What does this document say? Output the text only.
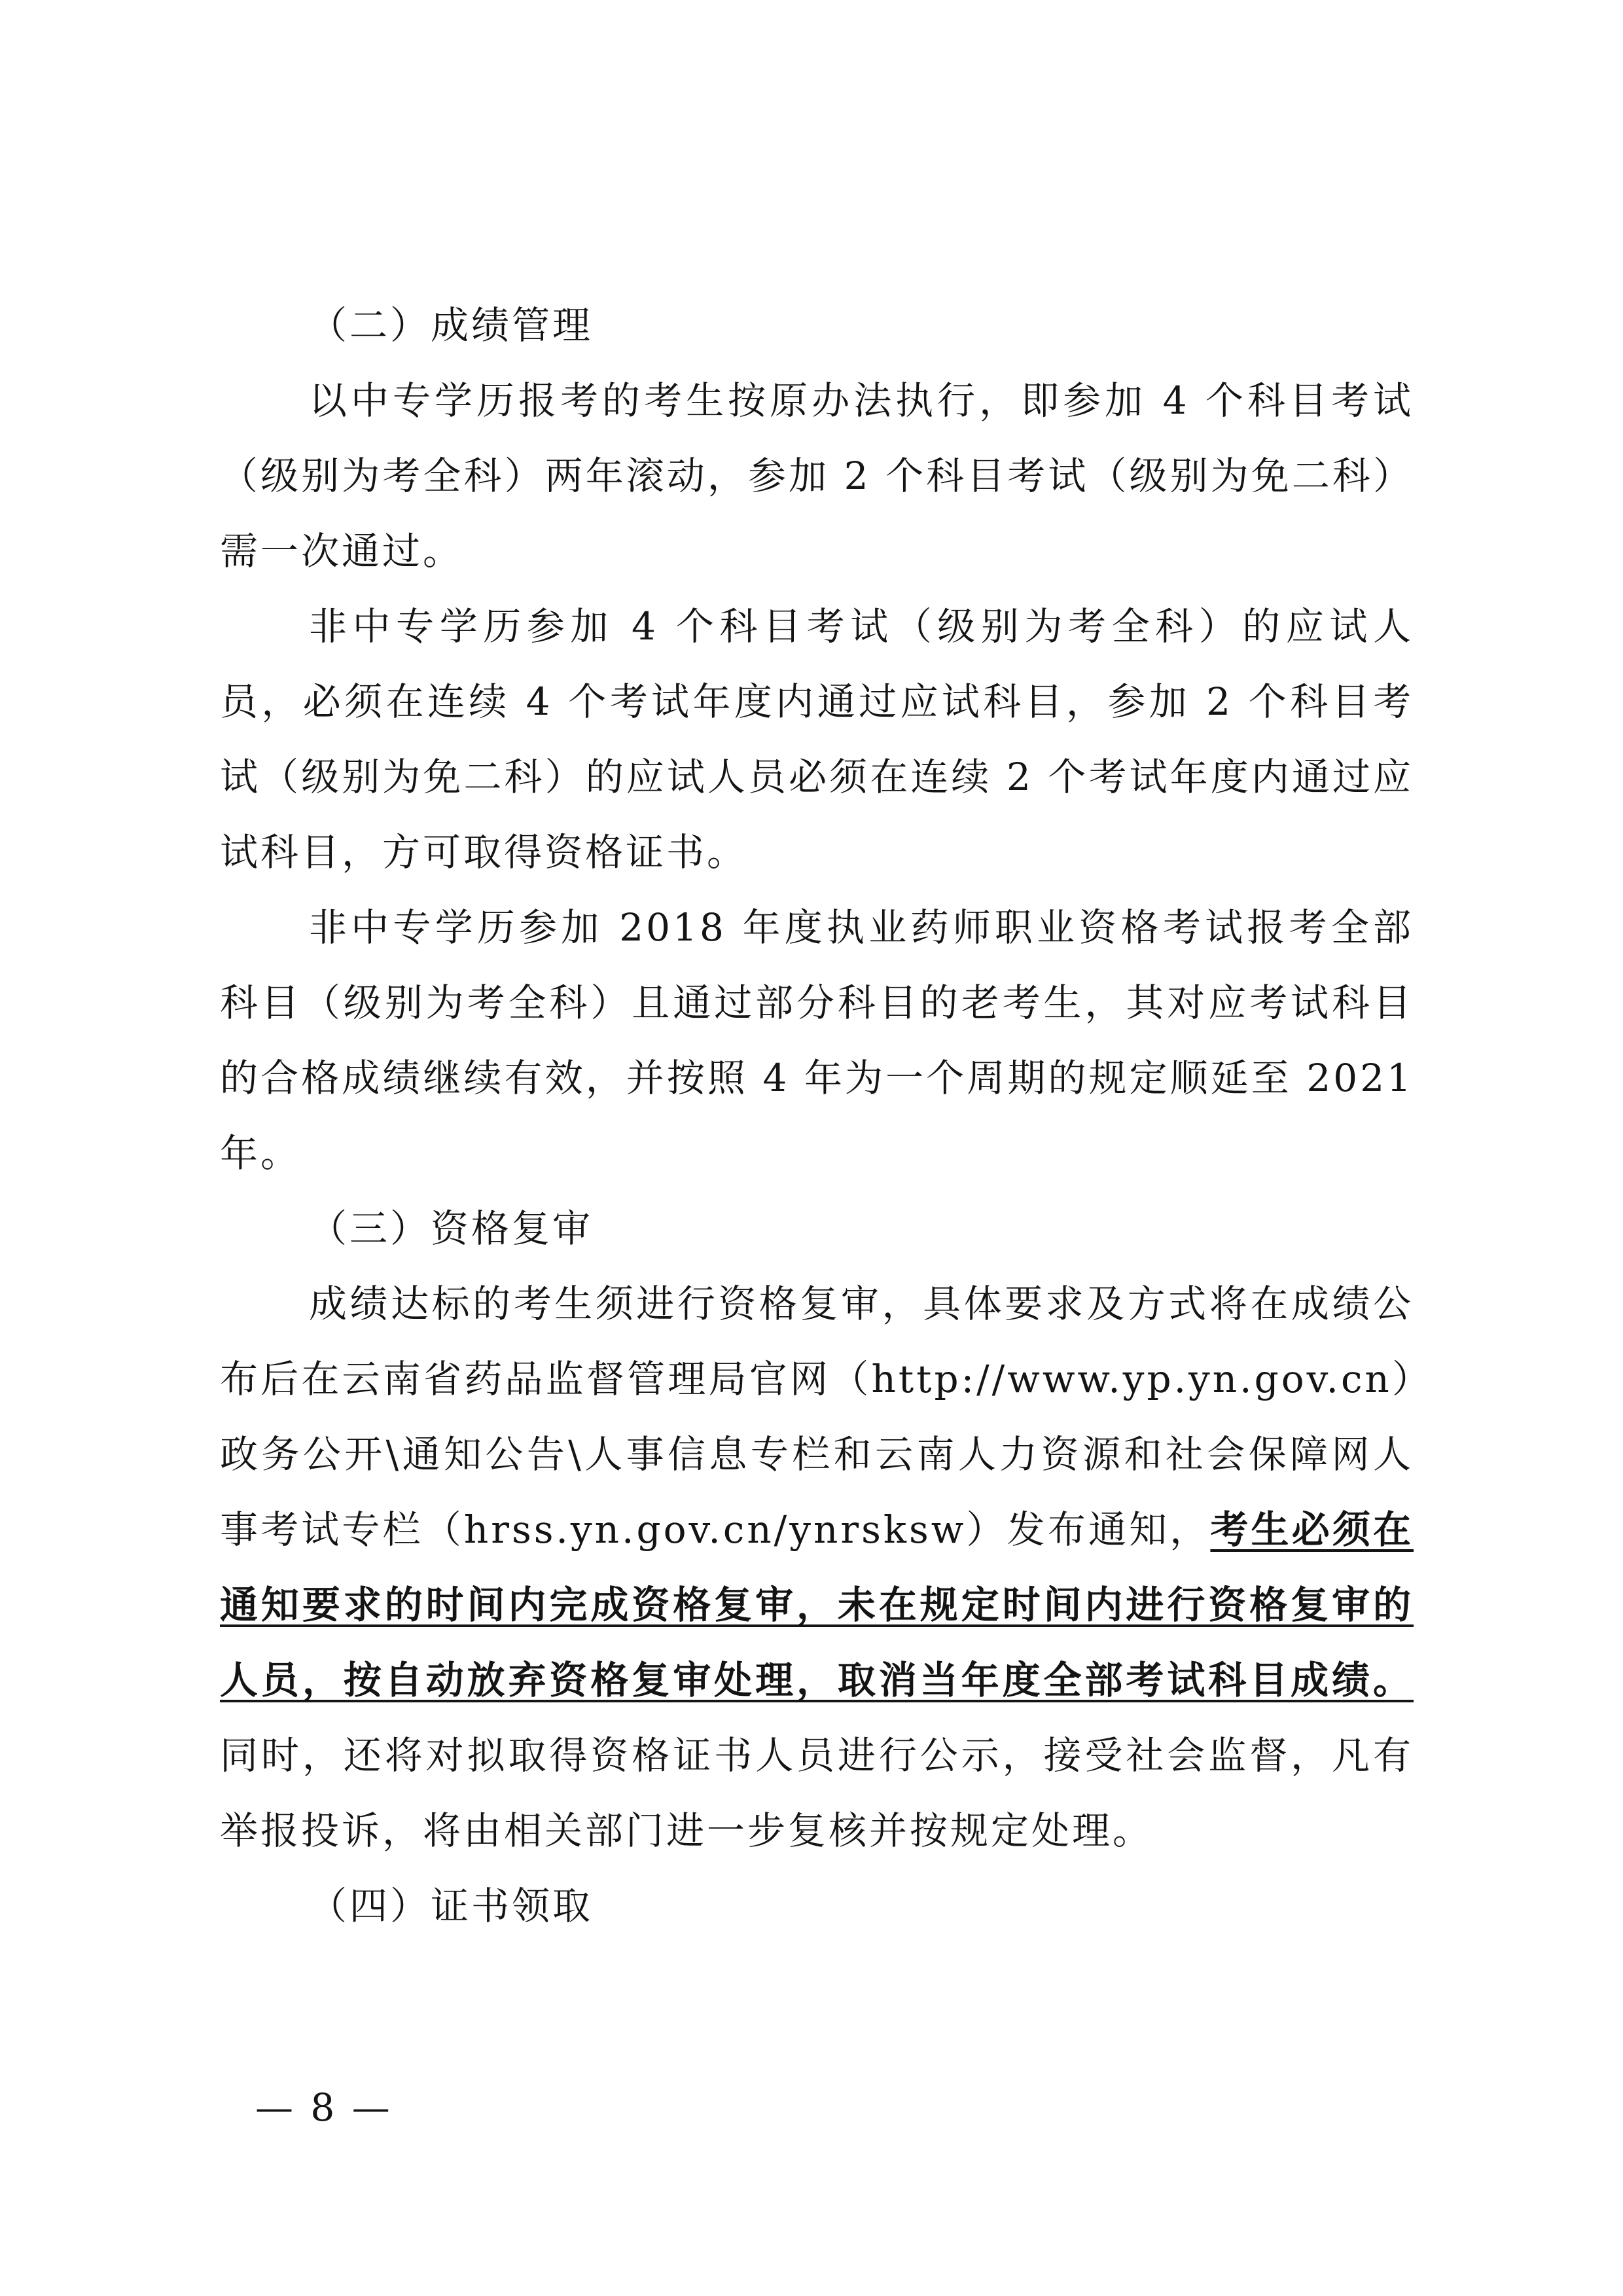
（二）成绩管理

以中专学历报考的考生按原办法执行，即参加 4 个科目考试（级别为考全科）两年滚动，参加 2 个科目考试（级别为免二科）需一次通过。

非中专学历参加 4 个科目考试（级别为考全科）的应试人员，必须在连续 4 个考试年度内通过应试科目，参加 2 个科目考试（级别为免二科）的应试人员必须在连续 2 个考试年度内通过应试科目，方可取得资格证书。

非中专学历参加 2018 年度执业药师职业资格考试报考全部科目（级别为考全科）且通过部分科目的老考生，其对应考试科目的合格成绩继续有效，并按照 4 年为一个周期的规定顺延至 2021 年。

（三）资格复审

成绩达标的考生须进行资格复审，具体要求及方式将在成绩公布后在云南省药品监督管理局官网（http://www.yp.yn.gov.cn）政务公开\通知公告\人事信息专栏和云南人力资源和社会保障网人事考试专栏（hrss.yn.gov.cn/ynrsksw）发布通知，考生必须在通知要求的时间内完成资格复审，未在规定时间内进行资格复审的人员，按自动放弃资格复审处理，取消当年度全部考试科目成绩。同时，还将对拟取得资格证书人员进行公示，接受社会监督，凡有举报投诉，将由相关部门进一步复核并按规定处理。

（四）证书领取

— 8 —
